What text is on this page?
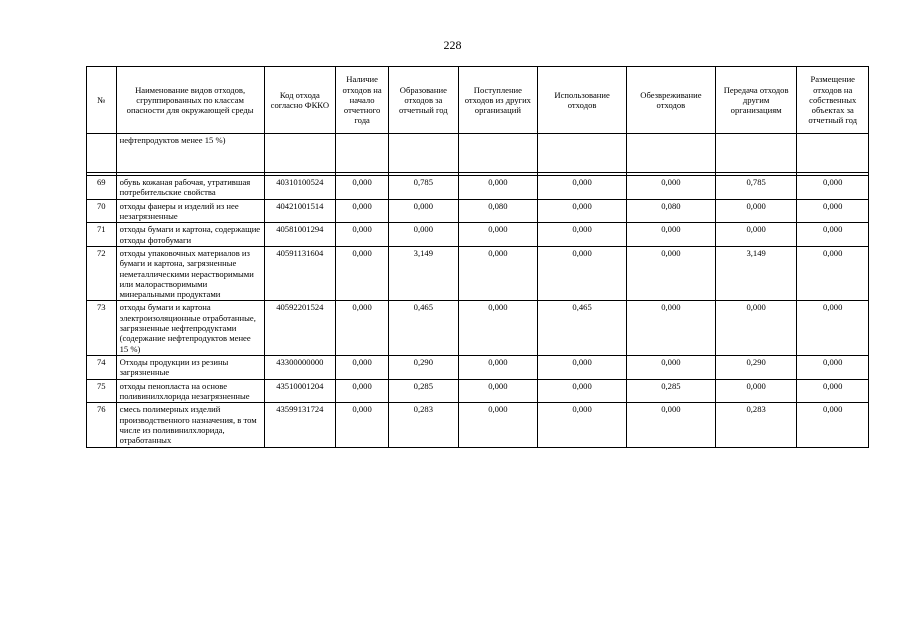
228
№	Наименование видов отходов, сгруппированных по классам опасности для окружающей среды	Код отхода согласно ФККО	Наличие отходов на начало отчетного года	Образование отходов за отчетный год	Поступление отходов из других организаций	Использование отходов	Обезвреживание отходов	Передача отходов другим организациям	Размещение отходов на собственных объектах за отчетный год
	нефтепродуктов менее 15 %)								

69	обувь кожаная рабочая, утратившая потребительские свойства	40310100524	0,000	0,785	0,000	0,000	0,000	0,785	0,000
70	отходы фанеры и изделий из нее незагрязненные	40421001514	0,000	0,000	0,080	0,000	0,080	0,000	0,000
71	отходы бумаги и картона, содержащие отходы фотобумаги	40581001294	0,000	0,000	0,000	0,000	0,000	0,000	0,000
72	отходы упаковочных материалов из бумаги и картона, загрязненные неметаллическими нерастворимыми или малорастворимыми минеральными продуктами	40591131604	0,000	3,149	0,000	0,000	0,000	3,149	0,000
73	отходы бумаги и картона электроизоляционные отработанные, загрязненные нефтепродуктами (содержание нефтепродуктов менее 15 %)	40592201524	0,000	0,465	0,000	0,465	0,000	0,000	0,000
74	Отходы продукции из резины загрязненные	43300000000	0,000	0,290	0,000	0,000	0,000	0,290	0,000
75	отходы пенопласта на основе поливинилхлорида незагрязненные	43510001204	0,000	0,285	0,000	0,000	0,285	0,000	0,000
76	смесь полимерных изделий производственного назначения, в том числе из поливинилхлорида, отработанных	43599131724	0,000	0,283	0,000	0,000	0,000	0,283	0,000
